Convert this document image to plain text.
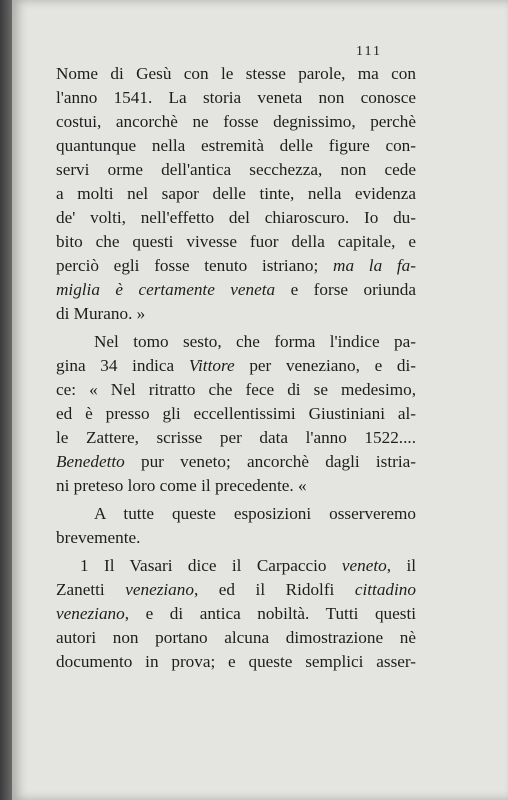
111
Nome di Gesù con le stesse parole, ma con
l'anno 1541. La storia veneta non conosce
costui, ancorchè ne fosse degnissimo, perchè
quantunque nella estremità delle figure con-
servi orme dell'antica secchezza, non cede
a molti nel sapor delle tinte, nella evidenza
de' volti, nell'effetto del chiaroscuro. Io du-
bito che questi vivesse fuor della capitale, e
perciò egli fosse tenuto istriano; ma la fa-
miglia è certamente veneta e forse oriunda
di Murano. »
Nel tomo sesto, che forma l'indice pa-
gina 34 indica Vittore per veneziano, e di-
ce: « Nel ritratto che fece di se medesimo,
ed è presso gli eccellentissimi Giustiniani al-
le Zattere, scrisse per data l'anno 1522....
Benedetto pur veneto; ancorchè dagli istria-
ni preteso loro come il precedente. «
A tutte queste esposizioni osserveremo
brevemente.
1 Il Vasari dice il Carpaccio veneto, il
Zanetti veneziano, ed il Ridolfi cittadino
veneziano, e di antica nobiltà. Tutti questi
autori non portano alcuna dimostrazione nè
documento in prova; e queste semplici asser-
